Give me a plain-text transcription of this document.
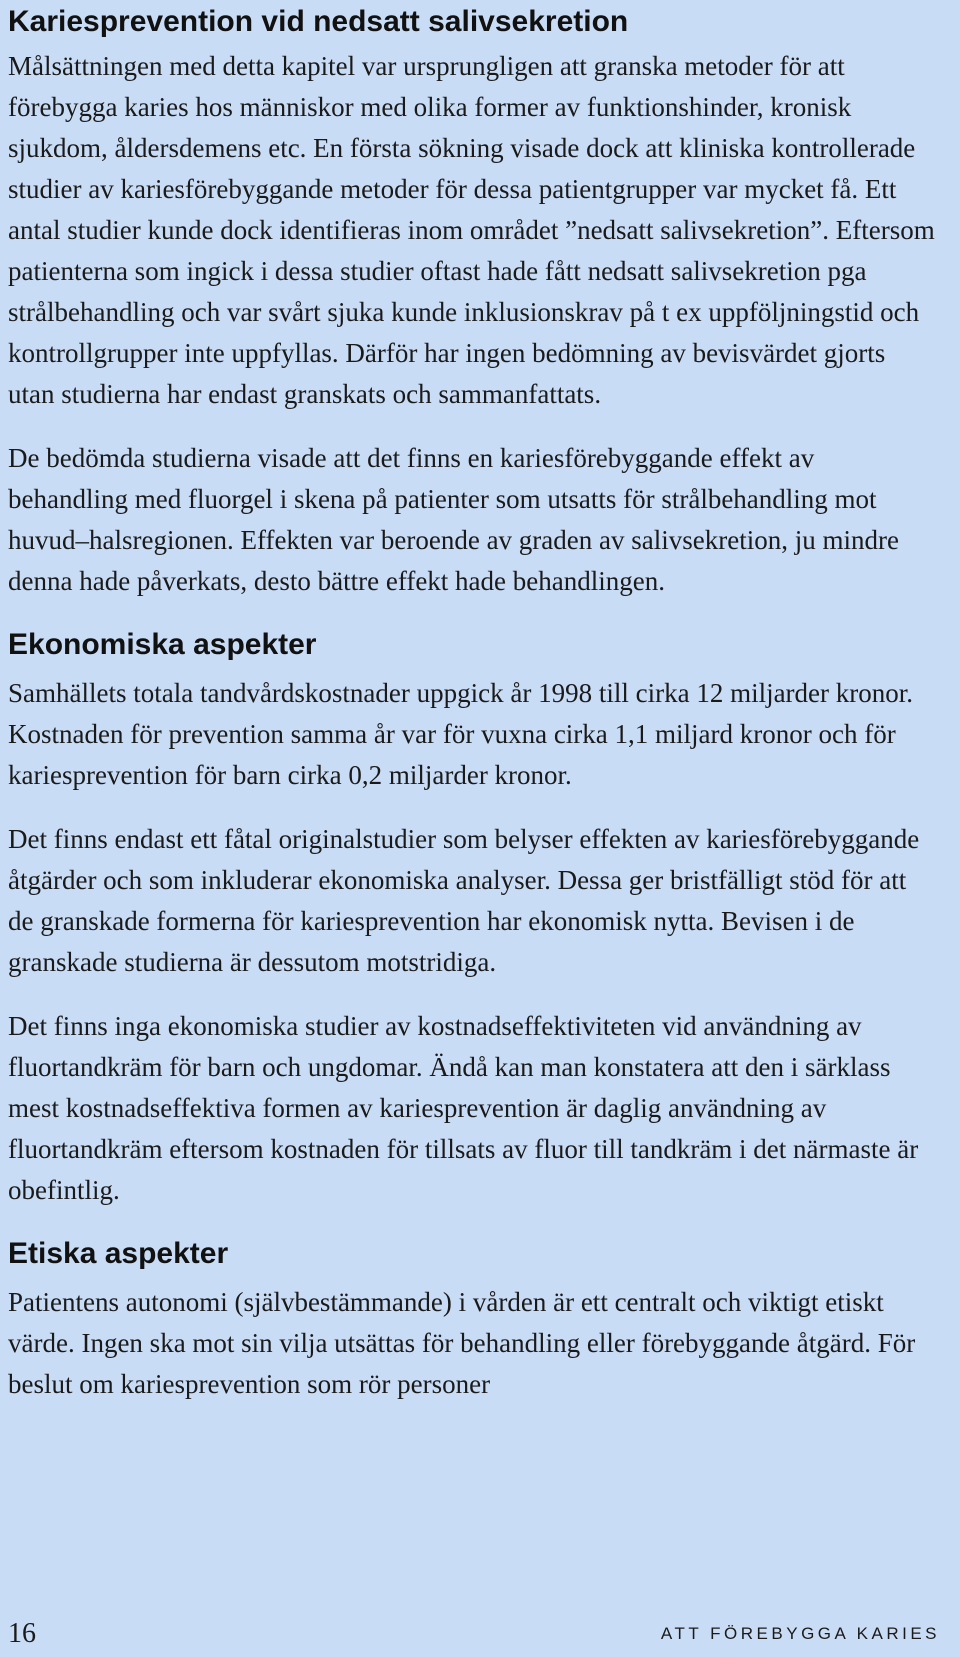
Kariesprevention vid nedsatt salivsekretion

Målsättningen med detta kapitel var ursprungligen att granska metoder för att förebygga karies hos människor med olika former av funktionshinder, kronisk sjukdom, åldersdemens etc. En första sökning visade dock att kliniska kontrollerade studier av kariesförebyggande metoder för dessa patientgrupper var mycket få. Ett antal studier kunde dock identifieras inom området ”nedsatt salivsekretion”. Eftersom patienterna som ingick i dessa studier oftast hade fått nedsatt salivsekretion pga strålbehandling och var svårt sjuka kunde inklusionskrav på t ex uppföljningstid och kontrollgrupper inte uppfyllas. Därför har ingen bedömning av bevisvärdet gjorts utan studierna har endast granskats och sammanfattats.

De bedömda studierna visade att det finns en kariesförebyggande effekt av behandling med fluorgel i skena på patienter som utsatts för strålbehandling mot huvud–halsregionen. Effekten var beroende av graden av salivsekretion, ju mindre denna hade påverkats, desto bättre effekt hade behandlingen.

Ekonomiska aspekter

Samhällets totala tandvårdskostnader uppgick år 1998 till cirka 12 miljarder kronor. Kostnaden för prevention samma år var för vuxna cirka 1,1 miljard kronor och för kariesprevention för barn cirka 0,2 miljarder kronor.

Det finns endast ett fåtal originalstudier som belyser effekten av kariesförebyggande åtgärder och som inkluderar ekonomiska analyser. Dessa ger bristfälligt stöd för att de granskade formerna för kariesprevention har ekonomisk nytta. Bevisen i de granskade studierna är dessutom motstridiga.

Det finns inga ekonomiska studier av kostnadseffektiviteten vid användning av fluortandkräm för barn och ungdomar. Ändå kan man konstatera att den i särklass mest kostnadseffektiva formen av kariesprevention är daglig användning av fluortandkräm eftersom kostnaden för tillsats av fluor till tandkräm i det närmaste är obefintlig.

Etiska aspekter

Patientens autonomi (självbestämmande) i vården är ett centralt och viktigt etiskt värde. Ingen ska mot sin vilja utsättas för behandling eller förebyggande åtgärd. För beslut om kariesprevention som rör personer

16	ATT FÖREBYGGA KARIES
